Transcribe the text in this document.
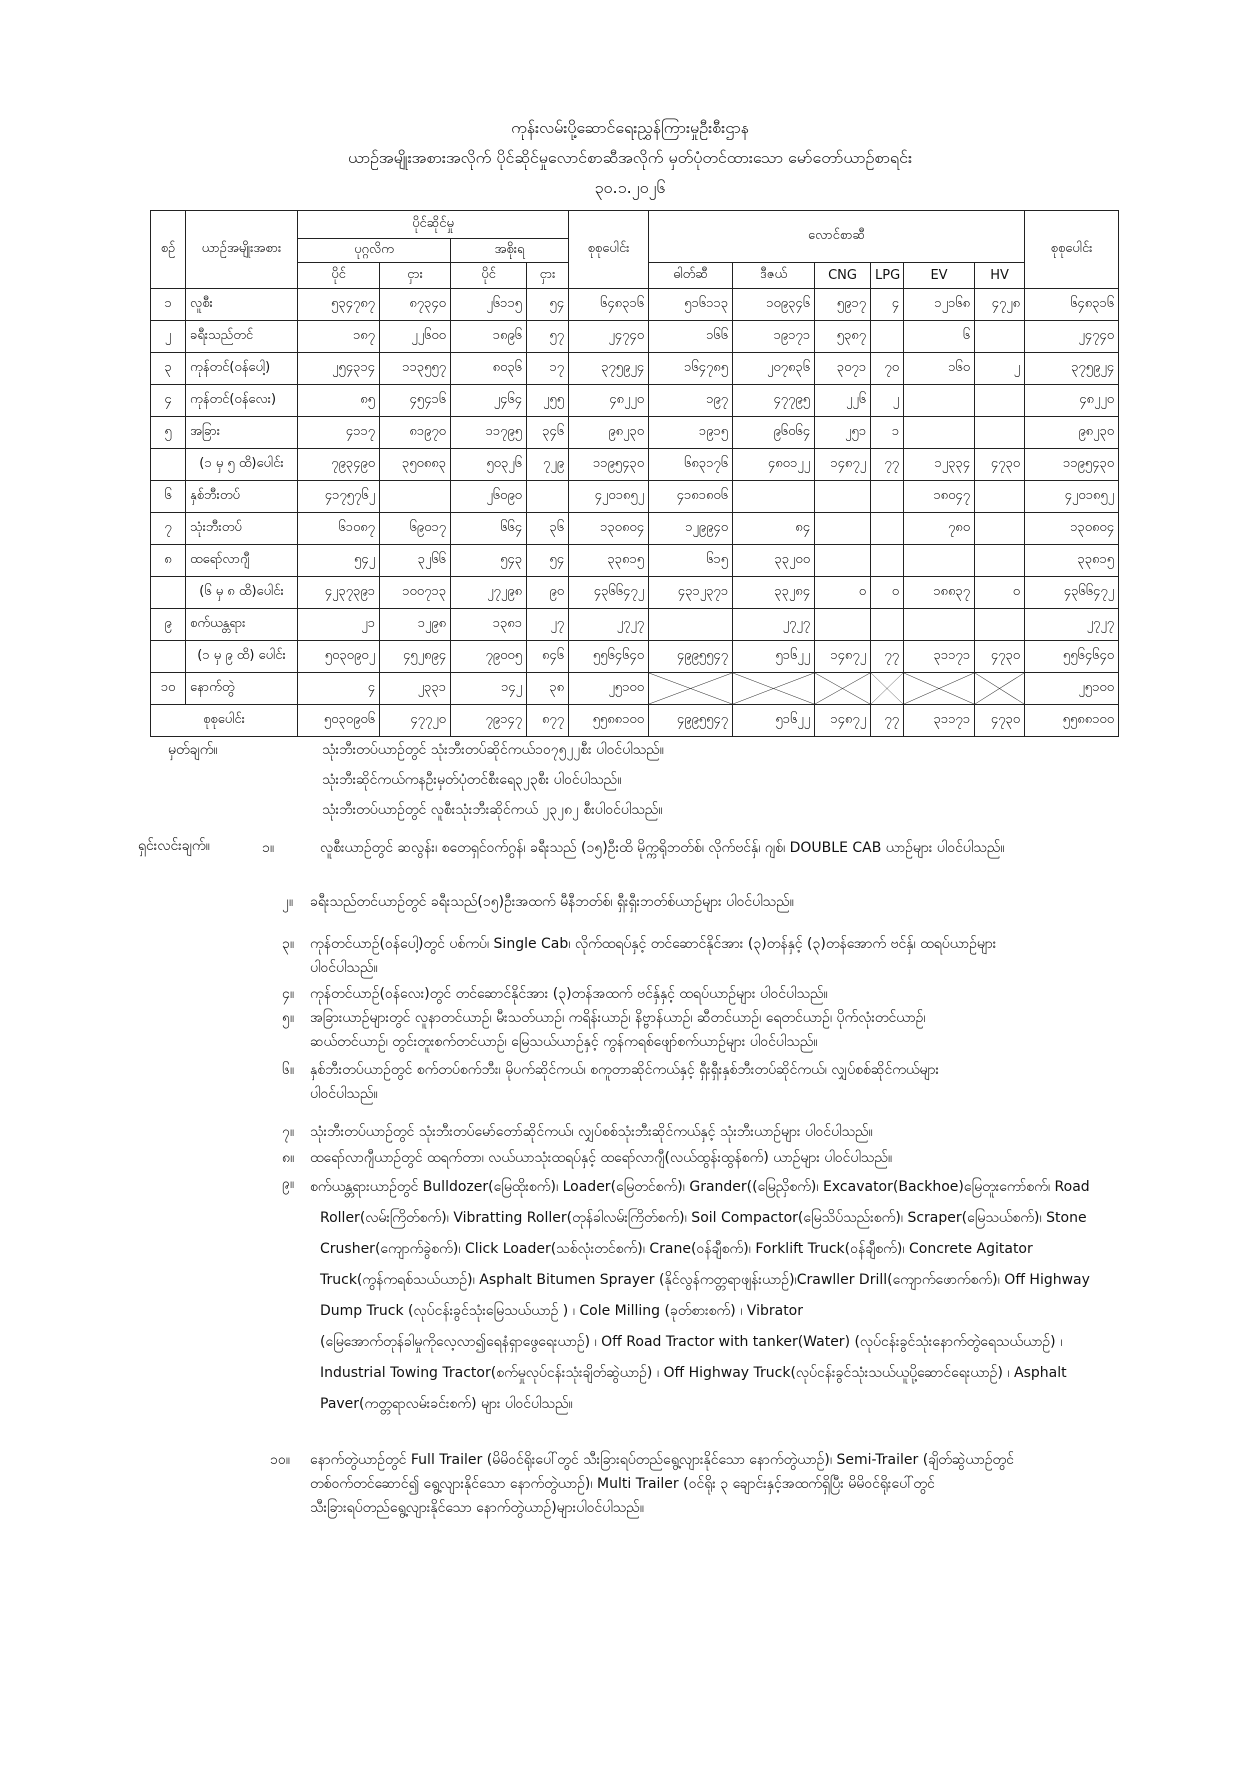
ကုန်းလမ်းပို့ဆောင်ရေးညွှန်ကြားမှုဦးစီးဌာန
ယာဉ်အမျိုးအစားအလိုက် ပိုင်ဆိုင်မှုလောင်စာဆီအလိုက် မှတ်ပုံတင်ထားသော မော်တော်ယာဉ်စာရင်း
၃၀.၁.၂၀၂၆
စဉ်	ယာဉ်အမျိုးအစား	ပိုင်ဆိုင်မှု				စုစုပေါင်း	လောင်စာဆီ						စုစုပေါင်း
		ပုဂ္ဂလိက		အစိုးရ									
		ပိုင်	ငှား	ပိုင်	ငှား		ဓါတ်ဆီ	ဒီဇယ်	CNG	LPG	EV	HV	
၁	လူစီး	၅၃၄၇၈၇	၈၇၃၄၀	၂၆၁၁၅	၅၄	၆၄၈၃၁၆	၅၁၆၁၁၃	၁၀၉၃၄၆	၅၉၁၇	၄	၁၂၁၆၈	၄၇၂၈	၆၄၈၃၁၆
၂	ခရီးသည်တင်	၁၈၇	၂၂၆၀၀	၁၈၉၆	၅၇	၂၄၇၄၀	၁၆၆	၁၉၁၇၁	၅၃၈၇		၆		၂၄၇၄၀
၃	ကုန်တင်(ဝန်ပေါ့)	၂၅၄၃၁၄	၁၁၃၅၅၇	၈၀၃၆	၁၇	၃၇၅၉၂၄	၁၆၄၇၈၅	၂၀၇၈၃၆	၃၀၇၁	၇၀	၁၆၀	၂	၃၇၅၉၂၄
၄	ကုန်တင်(ဝန်လေး)	၈၅	၄၅၄၁၆	၂၄၆၄	၂၅၅	၄၈၂၂၀	၁၉၇	၄၇၇၉၅	၂၂၆	၂			၄၈၂၂၀
၅	အခြား	၄၁၁၇	၈၁၉၇၀	၁၁၇၉၅	၃၄၆	၉၈၂၃၀	၁၉၁၅	၉၆၀၆၄	၂၅၁	၁			၉၈၂၃၀
	(၁ မှ ၅ ထိ)ပေါင်း	၇၉၃၄၉၀	၃၅၀၈၈၃	၅၀၃၂၆	၇၂၉	၁၁၉၅၄၃၀	၆၈၃၁၇၆	၄၈၀၁၂၂	၁၄၈၇၂	၇၇	၁၂၃၃၄	၄၇၃၀	၁၁၉၅၄၃၀
၆	နှစ်ဘီးတပ်	၄၁၇၅၇၆၂		၂၆၀၉၀		၄၂၀၁၈၅၂	၄၁၈၁၈၀၆				၁၈၀၄၇		၄၂၀၁၈၅၂
၇	သုံးဘီးတပ်	၆၁၀၈၇	၆၉၀၁၇	၆၆၄	၃၆	၁၃၀၈၀၄	၁၂၉၉၄၀	၈၄			၇၈၀		၁၃၀၈၀၄
၈	ထရော်လာဂျီ	၅၄၂	၃၂၆၆	၅၄၃	၅၄	၃၃၈၁၅	၆၁၅	၃၃၂၀၀					၃၃၈၁၅
	(၆ မှ ၈ ထိ)ပေါင်း	၄၂၃၇၃၉၁	၁၀၀၇၁၃	၂၇၂၉၈	၉၀	၄၃၆၆၄၇၂	၄၃၁၂၃၇၁	၃၃၂၈၄	၀	၀	၁၈၈၃၇	၀	၄၃၆၆၄၇၂
၉	စက်ယန္တရား	၂၁	၁၂၉၈	၁၃၈၁	၂၇	၂၇၂၇		၂၇၂၇					၂၇၂၇
	(၁ မှ ၉ ထိ) ပေါင်း	၅၀၃၀၉၀၂	၄၅၂၈၉၄	၇၉၀၀၅	၈၄၆	၅၅၆၄၆၄၀	၄၉၉၅၅၄၇	၅၁၆၂၂	၁၄၈၇၂	၇၇	၃၁၁၇၁	၄၇၃၀	၅၅၆၄၆၄၀
၁၀	နောက်တွဲ	၄	၂၃၃၁	၁၄၂	၃၈	၂၅၁၀၀							၂၅၁၀၀
စုစုပေါင်း		၅၀၃၀၉၀၆	၄၇၇၂၀	၇၉၁၄၇	၈၇၇	၅၅၈၈၁၀၀	၄၉၉၅၅၄၇	၅၁၆၂၂	၁၄၈၇၂	၇၇	၃၁၁၇၁	၄၇၃၀	၅၅၈၈၁၀၀
မှတ်ချက်။	သုံးဘီးတပ်ယာဉ်တွင် သုံးဘီးတပ်ဆိုင်ကယ်၁၀၇၅၂၂စီး ပါဝင်ပါသည်။
သုံးဘီးဆိုင်ကယ်ကနဦးမှတ်ပုံတင်စီးရေ၃၂၃စီး ပါဝင်ပါသည်။
သုံးဘီးတပ်ယာဉ်တွင် လူစီးသုံးဘီးဆိုင်ကယ် ၂၃၂၈၂ စီးပါဝင်ပါသည်။
ရှင်းလင်းချက်။	၁။	လူစီးယာဉ်တွင် ဆလွန်း၊ စတေရှင်ဝက်ဂွန်၊ ခရီးသည် (၁၅)ဦးထိ မိုက္ကရိုဘတ်စ်၊ လိုက်ဗင်နှ်၊ ဂျစ်၊ DOUBLE CAB ယာဉ်များ ပါဝင်ပါသည်။
၂။ ခရီးသည်တင်ယာဉ်တွင် ခရီးသည်(၁၅)ဦးအထက် မီနီဘတ်စ်၊ ရှီးရှီးဘတ်စ်ယာဉ်များ ပါဝင်ပါသည်။
၃။ ကုန်တင်ယာဉ်(ဝန်ပေါ့)တွင် ပစ်ကပ်၊ Single Cab၊ လိုက်ထရပ်နှင့် တင်ဆောင်နိုင်အား (၃)တန်နှင့် (၃)တန်အောက် ဗင်နှ်၊ ထရပ်ယာဉ်များ
ပါဝင်ပါသည်။
၄။ ကုန်တင်ယာဉ်(ဝန်လေး)တွင် တင်ဆောင်နိုင်အား (၃)တန်အထက် ဗင်နှ်နှင့် ထရပ်ယာဉ်များ ပါဝင်ပါသည်။
၅။ အခြားယာဉ်များတွင် လူနာတင်ယာဉ်၊ မီးသတ်ယာဉ်၊ ကရိန်းယာဉ်၊ နိဗ္ဗာန်ယာဉ်၊ ဆီတင်ယာဉ်၊ ရေတင်ယာဉ်၊ ပိုက်လုံးတင်ယာဉ်၊
ဆယ်တင်ယာဉ်၊ တွင်းတူးစက်တင်ယာဉ်၊ မြေသယ်ယာဉ်နှင့် ကွန်ကရစ်ဖျော်စက်ယာဉ်များ ပါဝင်ပါသည်။
၆။ နှစ်ဘီးတပ်ယာဉ်တွင် စက်တပ်စက်ဘီး၊ မိုပက်ဆိုင်ကယ်၊ စကူတာဆိုင်ကယ်နှင့် ရှီးရှီးနှစ်ဘီးတပ်ဆိုင်ကယ်၊ လျှပ်စစ်ဆိုင်ကယ်များ
ပါဝင်ပါသည်။
၇။ သုံးဘီးတပ်ယာဉ်တွင် သုံးဘီးတပ်မော်တော်ဆိုင်ကယ်၊ လျှပ်စစ်သုံးဘီးဆိုင်ကယ်နှင့် သုံးဘီးယာဉ်များ ပါဝင်ပါသည်။
၈။ ထရော်လာဂျီယာဉ်တွင် ထရက်တာ၊ လယ်ယာသုံးထရပ်နှင့် ထရော်လာဂျီ(လယ်ထွန်းထွန်စက်) ယာဉ်များ ပါဝင်ပါသည်။
၉။ စက်ယန္တရားယာဉ်တွင် Bulldozer(မြေထိုးစက်)၊ Loader(မြေတင်စက်)၊ Grander((မြေညှိစက်)၊ Excavator(Backhoe)မြေတူးကော်စက်၊ Road
Roller(လမ်းကြိတ်စက်)၊ Vibratting Roller(တုန်ခါလမ်းကြိတ်စက်)၊ Soil Compactor(မြေသိပ်သည်းစက်)၊ Scraper(မြေသယ်စက်)၊ Stone
Crusher(ကျောက်ခွဲစက်)၊ Click Loader(သစ်လုံးတင်စက်)၊ Crane(ဝန်ချီစက်)၊ Forklift Truck(ဝန်ချီစက်)၊ Concrete Agitator
Truck(ကွန်ကရစ်သယ်ယာဉ်)၊ Asphalt Bitumen Sprayer (နိုင်လွန်ကတ္တရာဖျန်းယာဉ်)၊Crawller Drill(ကျောက်ဖောက်စက်)၊ Off Highway
Dump Truck (လုပ်ငန်းခွင်သုံးမြေသယ်ယာဉ် ) ၊ Cole Milling (ခုတ်စားစက်) ၊ Vibrator
(မြေအောက်တုန်ခါမှုကိုလေ့လာ၍ရေနံရှာဖွေရေးယာဉ်) ၊ Off Road Tractor with tanker(Water) (လုပ်ငန်းခွင်သုံးနောက်တွဲရေသယ်ယာဉ်) ၊
Industrial Towing Tractor(စက်မှုလုပ်ငန်းသုံးချိတ်ဆွဲယာဉ်) ၊ Off Highway Truck(လုပ်ငန်းခွင်သုံးသယ်ယူပို့ဆောင်ရေးယာဉ်) ၊ Asphalt
Paver(ကတ္တရာလမ်းခင်းစက်) များ ပါဝင်ပါသည်။
၁၀။ နောက်တွဲယာဉ်တွင် Full Trailer (မိမိဝင်ရိုးပေါ်တွင် သီးခြားရပ်တည်ရွေ့လျားနိုင်သော နောက်တွဲယာဉ်)၊ Semi-Trailer (ချိတ်ဆွဲယာဉ်တွင်
တစ်ဝက်တင်ဆောင်၍ ရွေ့လျားနိုင်သော နောက်တွဲယာဉ်)၊ Multi Trailer (ဝင်ရိုး ၃ ချောင်းနှင့်အထက်ရှိပြီး မိမိဝင်ရိုးပေါ်တွင်
သီးခြားရပ်တည်ရွေ့လျားနိုင်သော နောက်တွဲယာဉ်)များပါဝင်ပါသည်။
